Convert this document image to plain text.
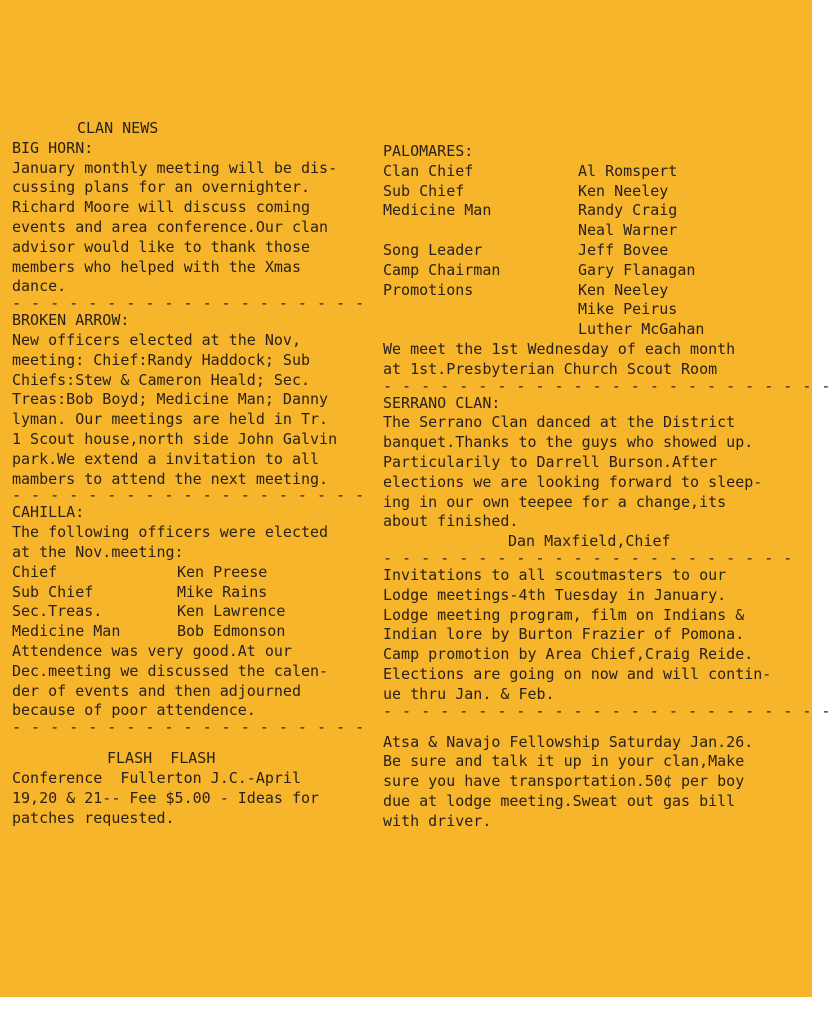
CLAN NEWS
BIG HORN:
January monthly meeting will be dis-
cussing plans for an overnighter.
Richard Moore will discuss coming
events and area conference.Our clan
advisor would like to thank those
members who helped with the Xmas
dance.
- - - - - - - - - - - - - - - - - - -
BROKEN ARROW:
New officers elected at the Nov,
meeting: Chief:Randy Haddock; Sub
Chiefs:Stew & Cameron Heald; Sec.
Treas:Bob Boyd; Medicine Man; Danny
lyman. Our meetings are held in Tr.
1 Scout house,north side John Galvin
park.We extend a invitation to all
mambers to attend the next meeting.
- - - - - - - - - - - - - - - - - - -
CAHILLA:
The following officers were elected
at the Nov.meeting:
Chief	Ken Preese
Sub Chief	Mike Rains
Sec.Treas.	Ken Lawrence
Medicine Man	Bob Edmonson
Attendence was very good.At our
Dec.meeting we discussed the calen-
der of events and then adjourned
because of poor attendence.
- - - - - - - - - - - - - - - - - - -
FLASH  FLASH
Conference  Fullerton J.C.-April
19,20 & 21-- Fee $5.00 - Ideas for
patches requested.
PALOMARES:
Clan Chief	Al Romspert
Sub Chief	Ken Neeley
Medicine Man	Randy Craig
Neal Warner
Song Leader	Jeff Bovee
Camp Chairman	Gary Flanagan
Promotions	Ken Neeley
Mike Peirus
Luther McGahan
We meet the 1st Wednesday of each month
at 1st.Presbyterian Church Scout Room
- - - - - - - - - - - - - - - - - - - - - - - -
SERRANO CLAN:
The Serrano Clan danced at the District
banquet.Thanks to the guys who showed up.
Particularily to Darrell Burson.After
elections we are looking forward to sleep-
ing in our own teepee for a change,its
about finished.
Dan Maxfield,Chief
- - - - - - - - - - - - - - - - - - - - - -
Invitations to all scoutmasters to our
Lodge meetings-4th Tuesday in January.
Lodge meeting program, film on Indians &
Indian lore by Burton Frazier of Pomona.
Camp promotion by Area Chief,Craig Reide.
Elections are going on now and will contin-
ue thru Jan. & Feb.
- - - - - - - - - - - - - - - - - - - - - - - -
Atsa & Navajo Fellowship Saturday Jan.26.
Be sure and talk it up in your clan,Make
sure you have transportation.50¢ per boy
due at lodge meeting.Sweat out gas bill
with driver.
